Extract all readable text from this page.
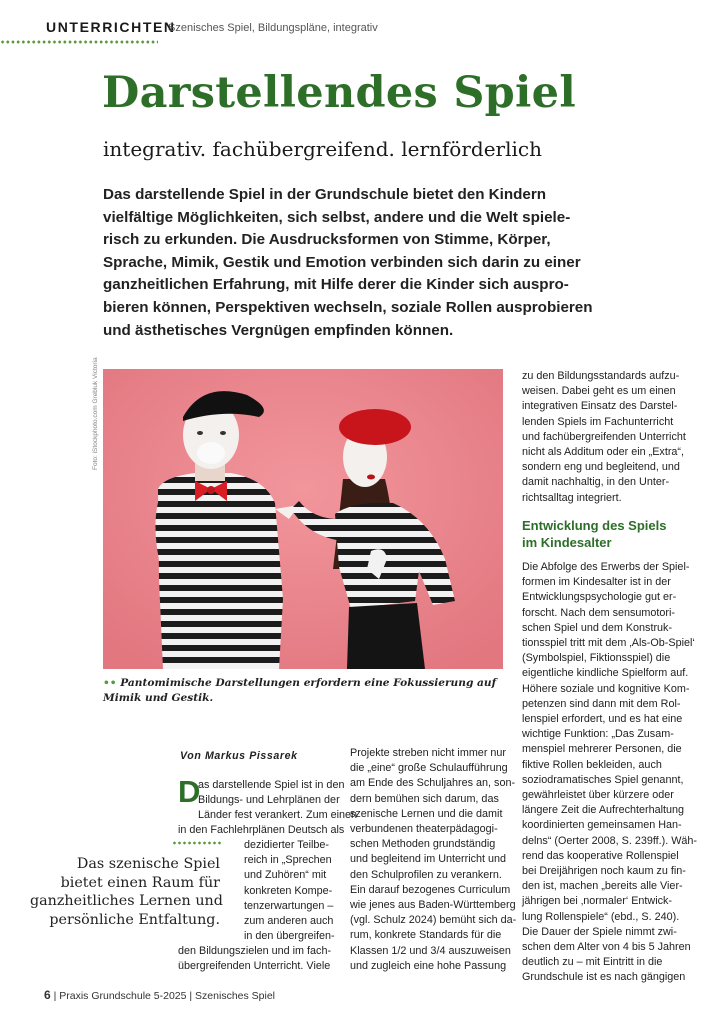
UNTERRICHTEN
Szenisches Spiel, Bildungspläne, integrativ
Darstellendes Spiel
integrativ. fachübergreifend. lernförderlich
Das darstellende Spiel in der Grundschule bietet den Kindern
vielfältige Möglichkeiten, sich selbst, andere und die Welt spiele-
risch zu erkunden. Die Ausdrucksformen von Stimme, Körper,
Sprache, Mimik, Gestik und Emotion verbinden sich darin zu einer
ganzheitlichen Erfahrung, mit Hilfe derer die Kinder sich auspro-
bieren können, Perspektiven wechseln, soziale Rollen ausprobieren
und ästhetisches Vergnügen empfinden können.
Foto: iStockphoto.com Grebluk Victoria
•• Pantomimische Darstellungen erfordern eine Fokussierung auf Mimik und Gestik.
Von Markus Pissarek
D
as darstellende Spiel ist in den
Bildungs- und Lehrplänen der
Länder fest verankert. Zum einen
in den Fachlehrplänen Deutsch als
dezidierter Teilbe-
reich in „Sprechen
und Zuhören“ mit
konkreten Kompe-
tenzerwartungen –
zum anderen auch
in den übergreifen-
den Bildungszielen und im fach-
übergreifenden Unterricht. Viele
Das szenische Spiel
bietet einen Raum für
ganzheitliches Lernen und
persönliche Entfaltung.
Projekte streben nicht immer nur
die „eine“ große Schulaufführung
am Ende des Schuljahres an, son-
dern bemühen sich darum, das
szenische Lernen und die damit
verbundenen theaterpädagogi-
schen Methoden grundständig
und begleitend im Unterricht und
den Schulprofilen zu verankern.
Ein darauf bezogenes Curriculum
wie jenes aus Baden-Württemberg
(vgl. Schulz 2024) bemüht sich da-
rum, konkrete Standards für die
Klassen 1/2 und 3/4 auszuweisen
und zugleich eine hohe Passung
zu den Bildungsstandards aufzu-
weisen. Dabei geht es um einen
integrativen Einsatz des Darstel-
lenden Spiels im Fachunterricht
und fachübergreifenden Unterricht
nicht als Additum oder ein „Extra“,
sondern eng und begleitend, und
damit nachhaltig, in den Unter-
richtsalltag integriert.
Entwicklung des Spiels
im Kindesalter
Die Abfolge des Erwerbs der Spiel-
formen im Kindesalter ist in der
Entwicklungspsychologie gut er-
forscht. Nach dem sensumotori-
schen Spiel und dem Konstruk-
tionsspiel tritt mit dem ‚Als-Ob-Spiel‘
(Symbolspiel, Fiktionsspiel) die
eigentliche kindliche Spielform auf.
Höhere soziale und kognitive Kom-
petenzen sind dann mit dem Rol-
lenspiel erfordert, und es hat eine
wichtige Funktion: „Das Zusam-
menspiel mehrerer Personen, die
fiktive Rollen bekleiden, auch
soziodramatisches Spiel genannt,
gewährleistet über kürzere oder
längere Zeit die Aufrechterhaltung
koordinierten gemeinsamen Han-
delns“ (Oerter 2008, S. 239ff.). Wäh-
rend das kooperative Rollenspiel
bei Dreijährigen noch kaum zu fin-
den ist, machen „bereits alle Vier-
jährigen bei ‚normaler‘ Entwick-
lung Rollenspiele“ (ebd., S. 240).
Die Dauer der Spiele nimmt zwi-
schen dem Alter von 4 bis 5 Jahren
deutlich zu – mit Eintritt in die
Grundschule ist es nach gängigen
6 | Praxis Grundschule 5-2025 | Szenisches Spiel
